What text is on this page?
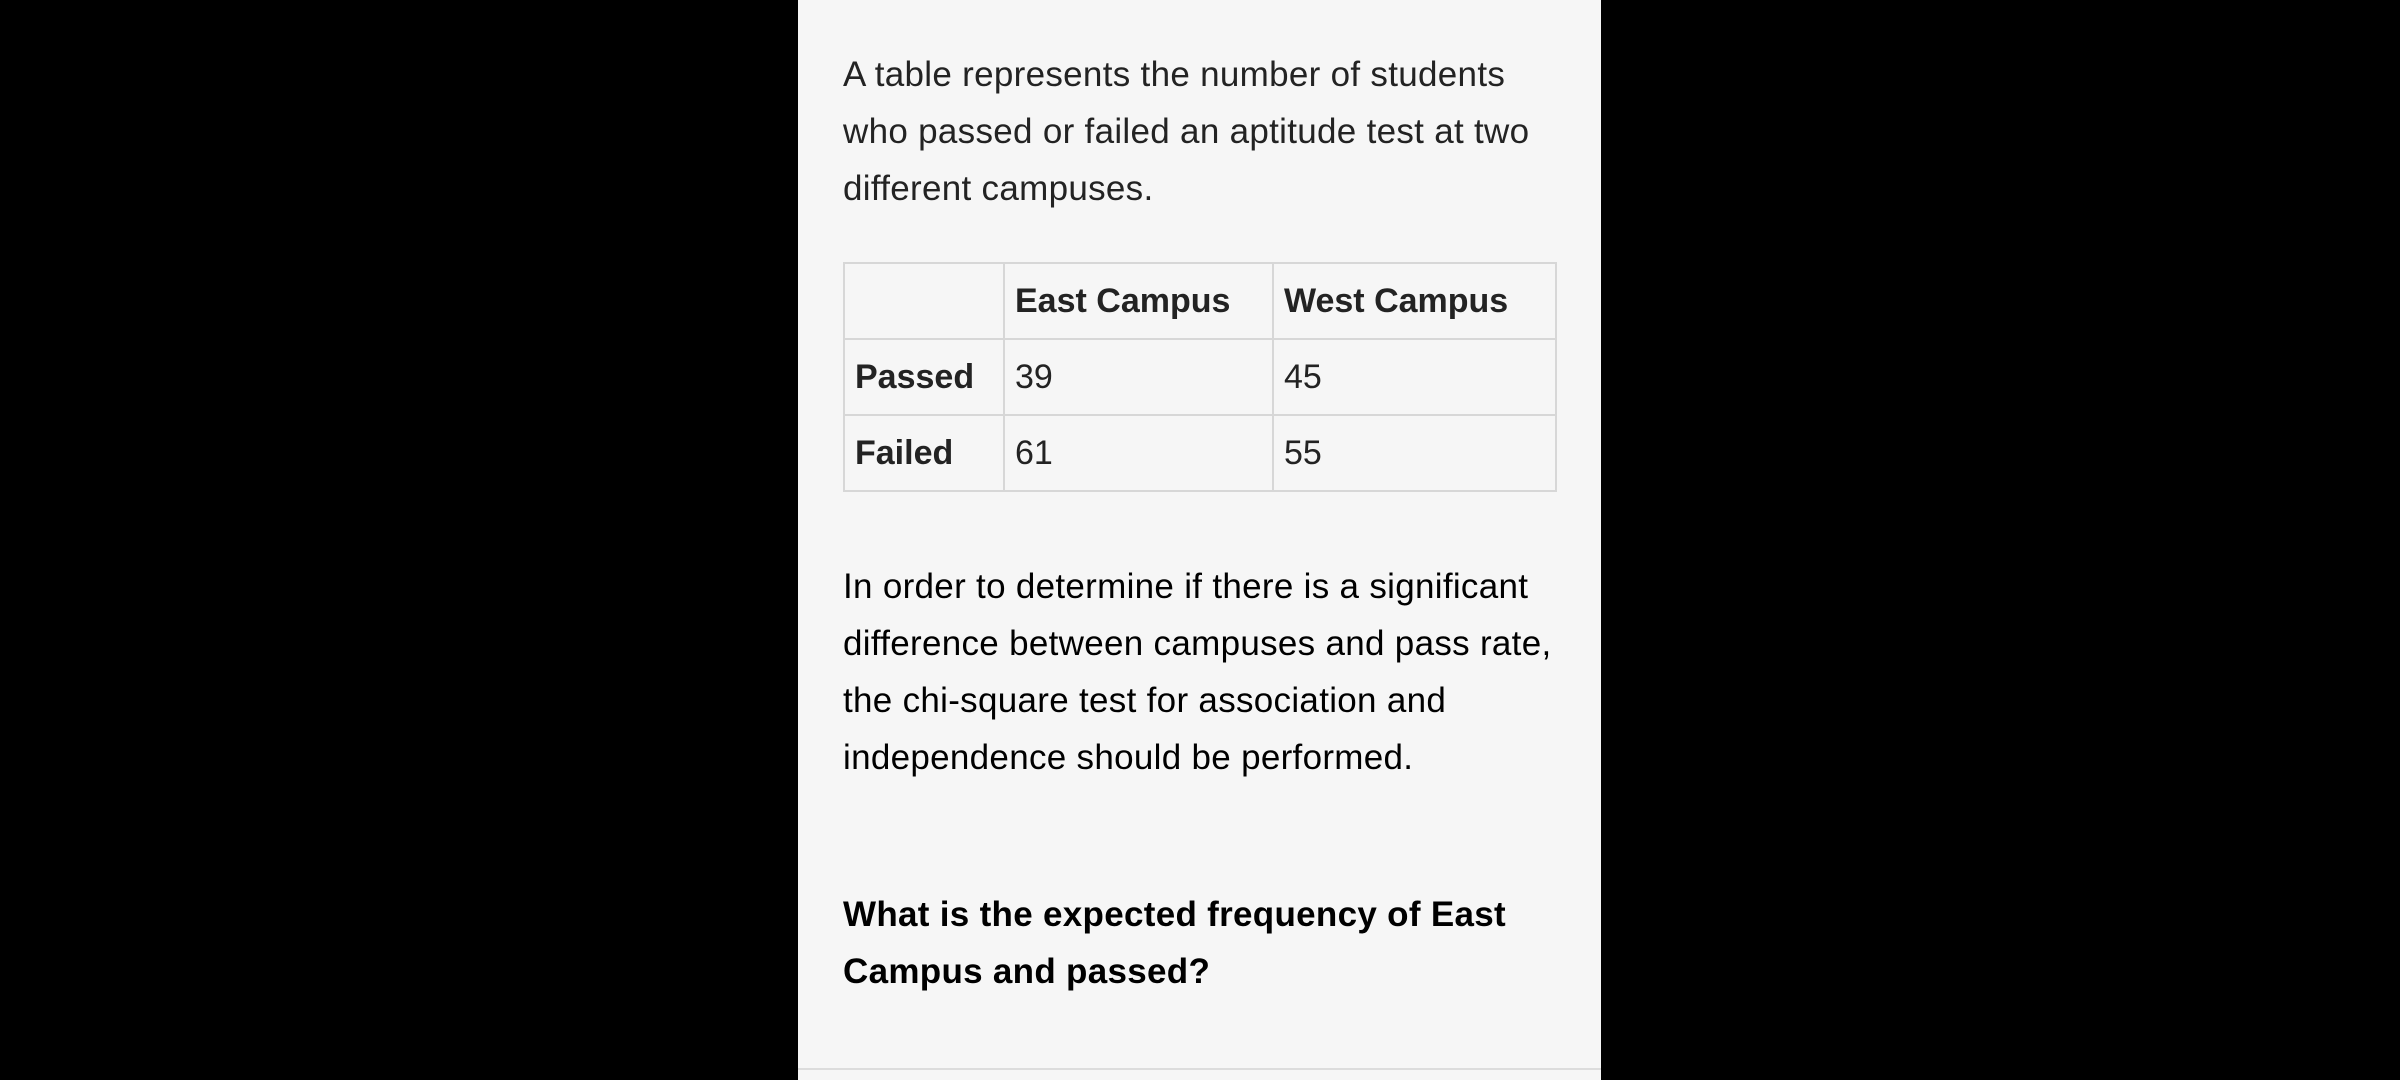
A table represents the number of students who passed or failed an aptitude test at two different campuses.

	East Campus	West Campus
Passed	39	45
Failed	61	55

In order to determine if there is a significant difference between campuses and pass rate, the chi-square test for association and independence should be performed.

What is the expected frequency of East Campus and passed?
